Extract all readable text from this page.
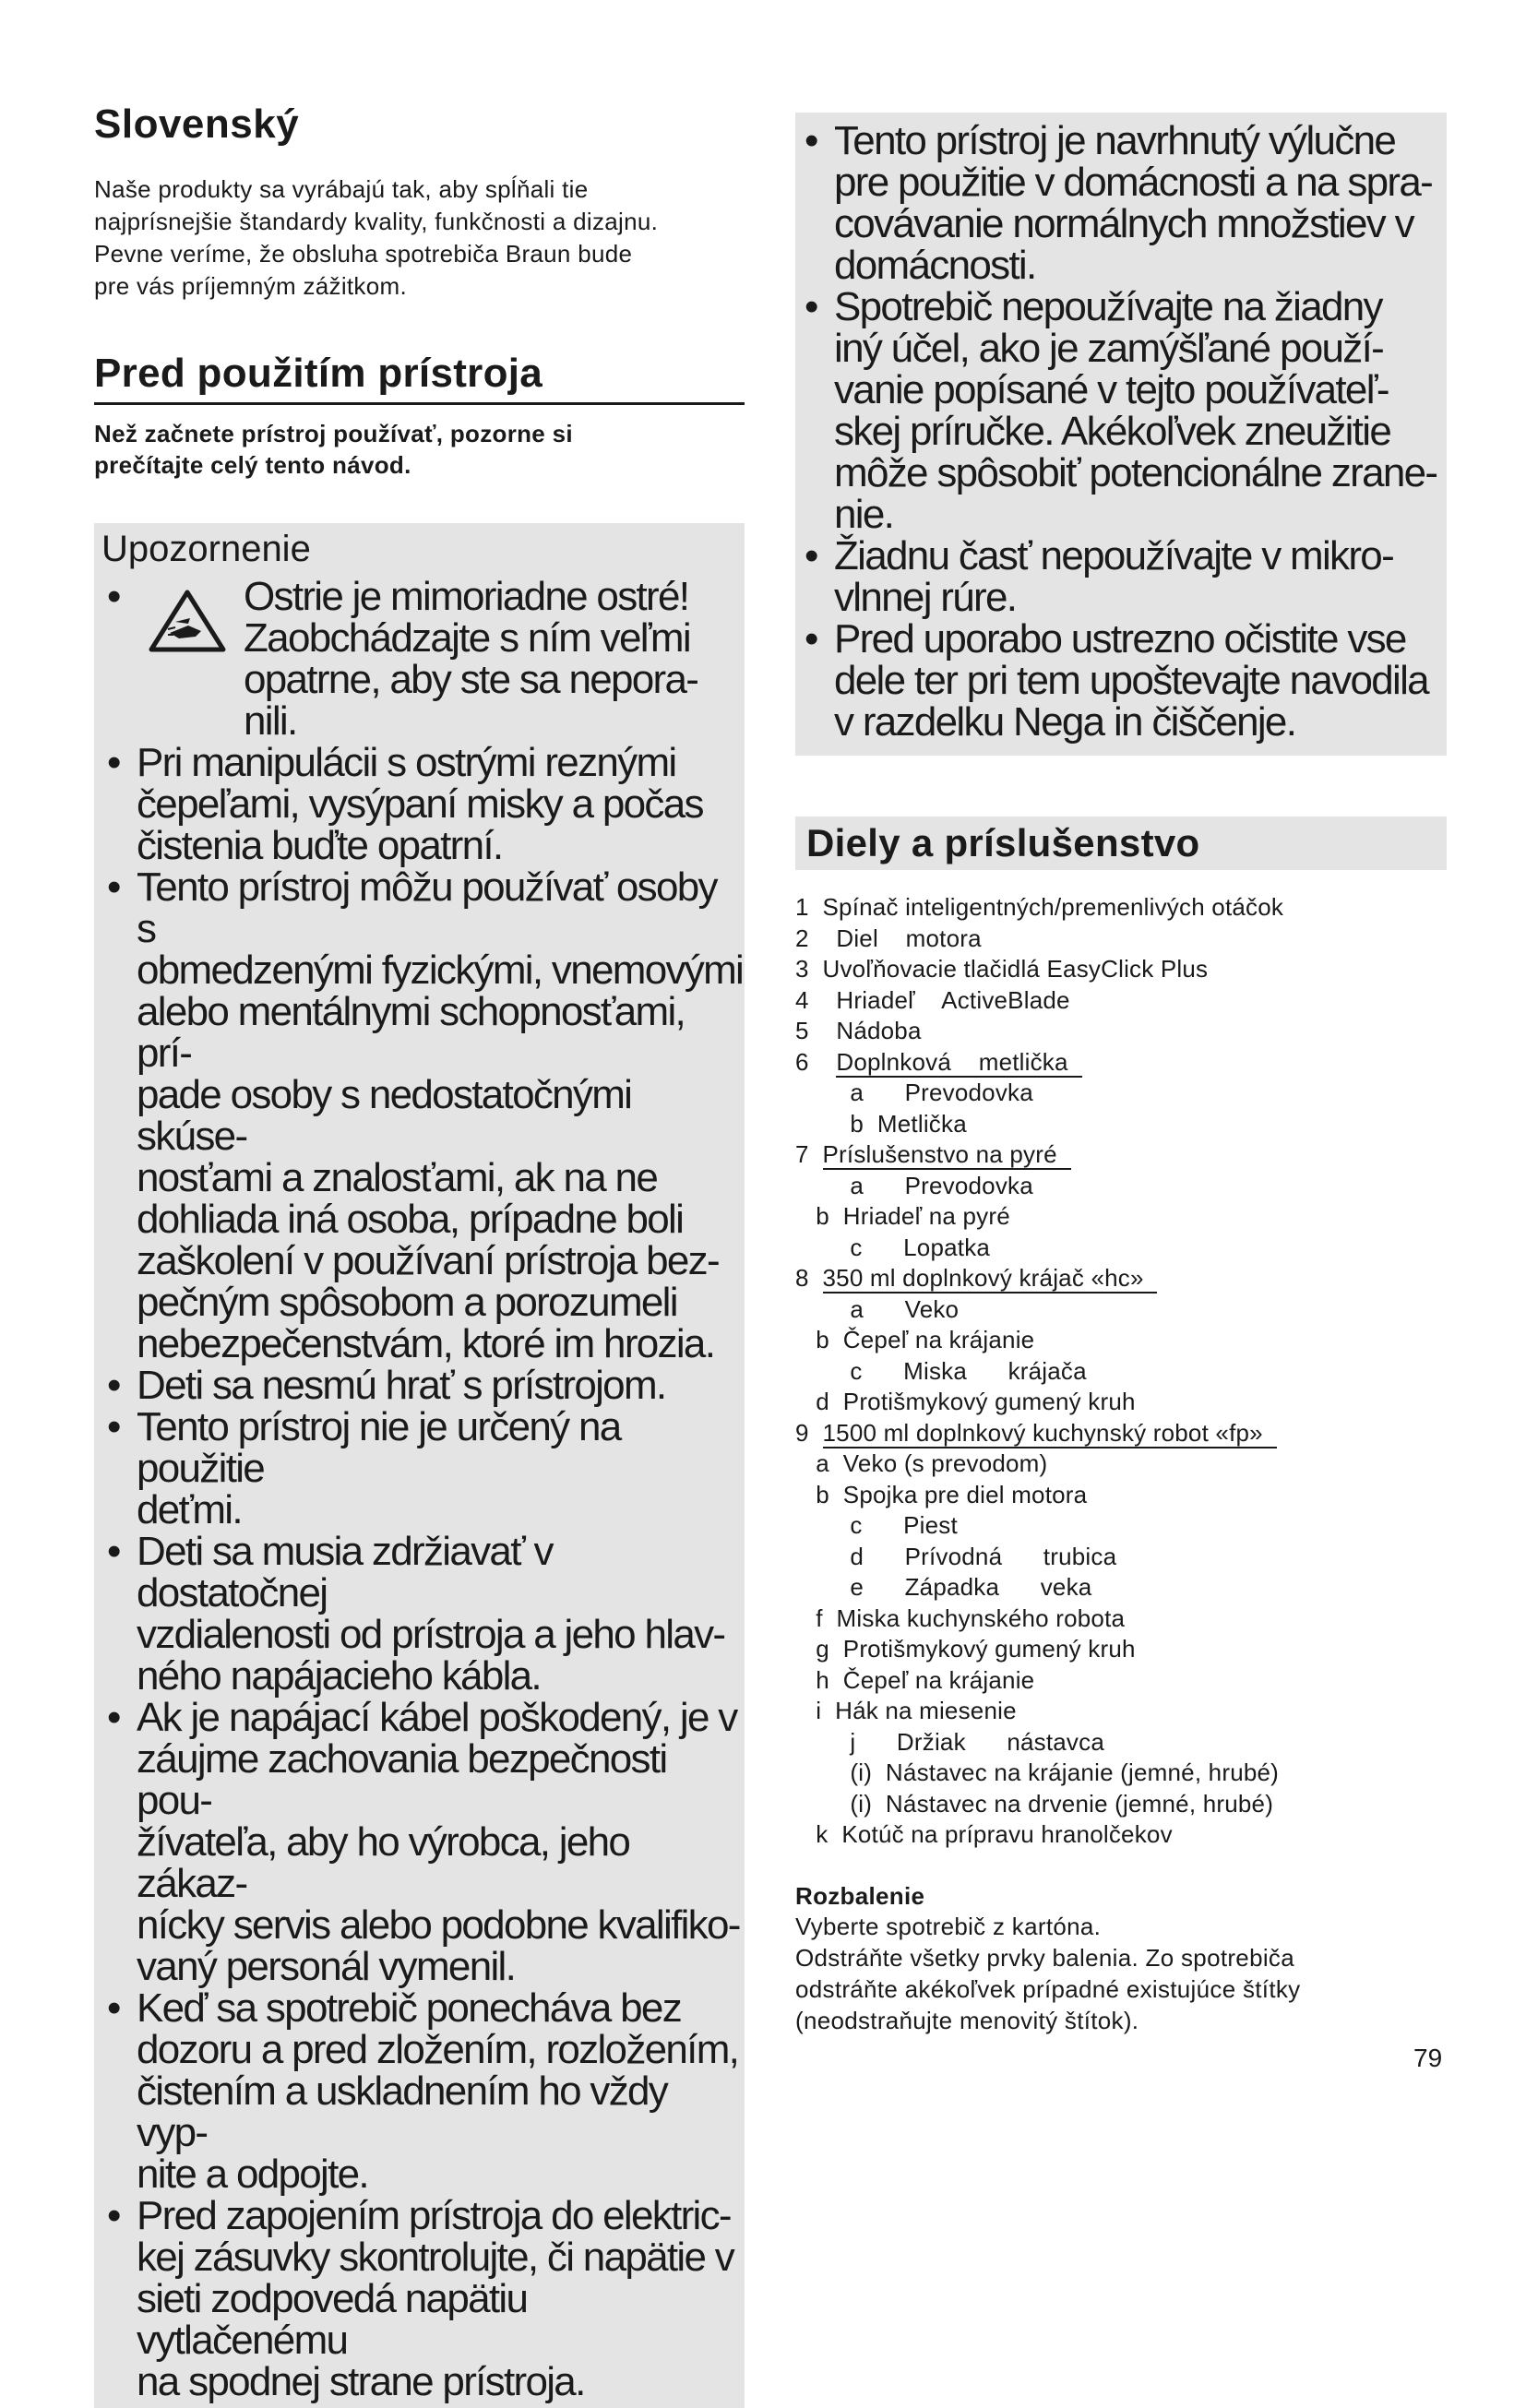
Slovenský
Naše produkty sa vyrábajú tak, aby spĺňali tie
najprísnejšie štandardy kvality, funkčnosti a dizajnu.
Pevne veríme, že obsluha spotrebiča Braun bude
pre vás príjemným zážitkom.
Pred použitím prístroja
Než začnete prístroj používať, pozorne si
prečítajte celý tento návod.
Upozornenie
• Ostrie je mimoriadne ostré!
Zaobchádzajte s ním veľmi
opatrne, aby ste sa nepora-
nili.
• Pri manipulácii s ostrými reznými
čepeľami, vysýpaní misky a počas
čistenia buďte opatrní.
• Tento prístroj môžu používať osoby s
obmedzenými fyzickými, vnemovými
alebo mentálnymi schopnosťami, prí-
pade osoby s nedostatočnými skúse-
nosťami a znalosťami, ak na ne
dohliada iná osoba, prípadne boli
zaškolení v používaní prístroja bez-
pečným spôsobom a porozumeli
nebezpečenstvám, ktoré im hrozia.
• Deti sa nesmú hrať s prístrojom.
• Tento prístroj nie je určený na použitie
deťmi.
• Deti sa musia zdržiavať v dostatočnej
vzdialenosti od prístroja a jeho hlav-
ného napájacieho kábla.
• Ak je napájací kábel poškodený, je v
záujme zachovania bezpečnosti pou-
žívateľa, aby ho výrobca, jeho zákaz-
nícky servis alebo podobne kvalifiko-
vaný personál vymenil.
• Keď sa spotrebič ponecháva bez
dozoru a pred zložením, rozložením,
čistením a uskladnením ho vždy vyp-
nite a odpojte.
• Pred zapojením prístroja do elektric-
kej zásuvky skontrolujte, či napätie v
sieti zodpovedá napätiu vytlačenému
na spodnej strane prístroja.
• Tento prístroj je navrhnutý výlučne
pre použitie v domácnosti a na spra-
covávanie normálnych množstiev v
domácnosti.
• Spotrebič nepoužívajte na žiadny
iný účel, ako je zamýšľané použí-
vanie popísané v tejto používateľ-
skej príručke. Akékoľvek zneužitie
môže spôsobiť potencionálne zrane-
nie.
• Žiadnu časť nepoužívajte v mikro-
vlnnej rúre.
• Pred uporabo ustrezno očistite vse
dele ter pri tem upoštevajte navodila
v razdelku Nega in čiščenje.
Diely a príslušenstvo
1  Spínač inteligentných/premenlivých otáčok
2    Diel    motora
3  Uvoľňovacie tlačidlá EasyClick Plus
4    Hriadeľ    ActiveBlade
5    Nádoba
6    Doplnková    metlička
a      Prevodovka
b  Metlička
7  Príslušenstvo na pyré
a      Prevodovka
b  Hriadeľ na pyré
c      Lopatka
8  350 ml doplnkový krájač «hc»
a      Veko
b  Čepeľ na krájanie
c      Miska      krájača
d  Protišmykový gumený kruh
9  1500 ml doplnkový kuchynský robot «fp»
a  Veko (s prevodom)
b  Spojka pre diel motora
c      Piest
d      Prívodná      trubica
e      Západka      veka
f  Miska kuchynského robota
g  Protišmykový gumený kruh
h  Čepeľ na krájanie
i  Hák na miesenie
j      Držiak      nástavca
(i)  Nástavec na krájanie (jemné, hrubé)
(i)  Nástavec na drvenie (jemné, hrubé)
k  Kotúč na prípravu hranolčekov
Rozbalenie
Vyberte spotrebič z kartóna.
Odstráňte všetky prvky balenia. Zo spotrebiča
odstráňte akékoľvek prípadné existujúce štítky
(neodstraňujte menovitý štítok).
79
